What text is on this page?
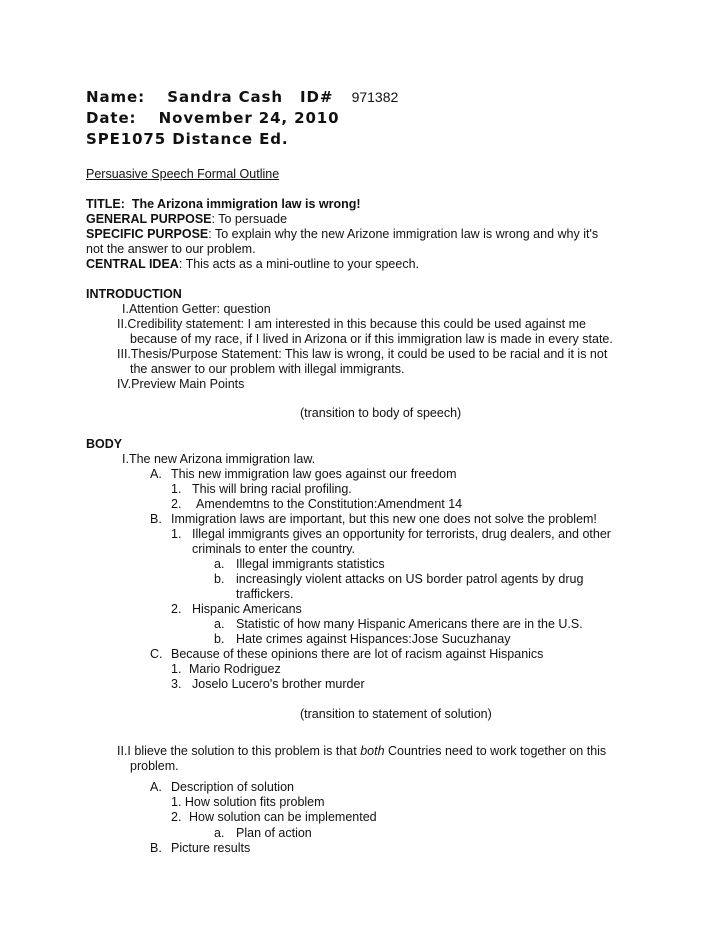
Name: Sandra Cash ID# 971382
Date: November 24, 2010
SPE1075 Distance Ed.
Persuasive Speech Formal Outline
TITLE:  The Arizona immigration law is wrong!
GENERAL PURPOSE: To persuade
SPECIFIC PURPOSE: To explain why the new Arizone immigration law is wrong and why it's
not the answer to our problem.
CENTRAL IDEA: This acts as a mini-outline to your speech.
INTRODUCTION
I.Attention Getter: question
II.Credibility statement: I am interested in this because this could be used against me
because of my race, if I lived in Arizona or if this immigration law is made in every state.
III.Thesis/Purpose Statement: This law is wrong, it could be used to be racial and it is not
the answer to our problem with illegal immigrants.
IV.Preview Main Points
(transition to body of speech)
BODY
I.The new Arizona immigration law.
A. This new immigration law goes against our freedom
1. This will bring racial profiling.
2. Amendemtns to the Constitution:Amendment 14
B. Immigration laws are important, but this new one does not solve the problem!
1. Illegal immigrants gives an opportunity for terrorists, drug dealers, and other
criminals to enter the country.
a. Illegal immigrants statistics
b. increasingly violent attacks on US border patrol agents by drug
traffickers.
2. Hispanic Americans
a. Statistic of how many Hispanic Americans there are in the U.S.
b. Hate crimes against Hispances:Jose Sucuzhanay
C. Because of these opinions there are lot of racism against Hispanics
1. Mario Rodriguez
3. Joselo Lucero's brother murder
(transition to statement of solution)
II.I blieve the solution to this problem is that both Countries need to work together on this
problem.
A. Description of solution
1. How solution fits problem
2. How solution can be implemented
a. Plan of action
B. Picture results
